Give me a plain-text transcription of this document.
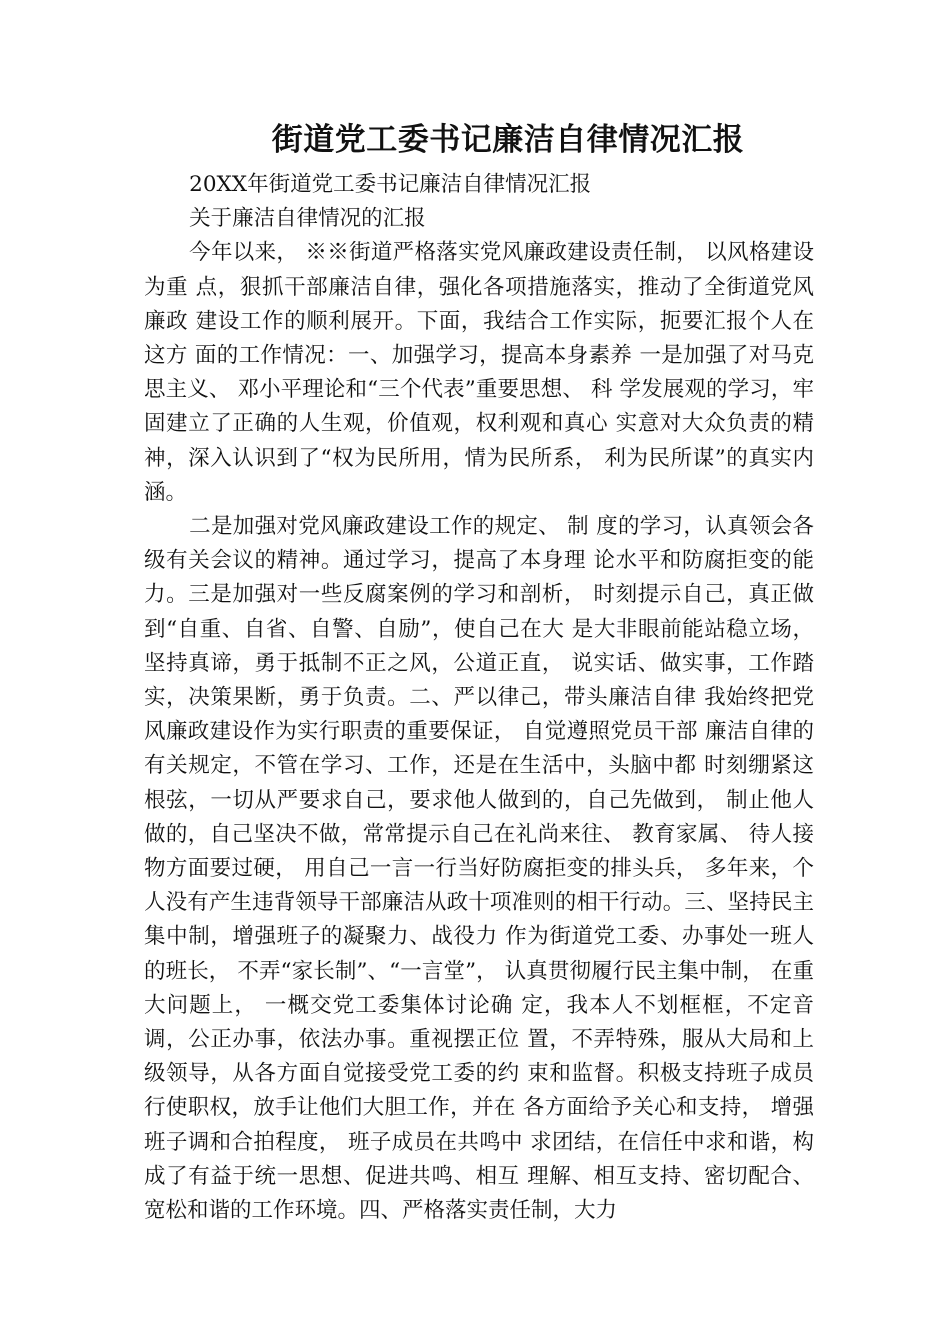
街道党工委书记廉洁自律情况汇报

20XX年街道党工委书记廉洁自律情况汇报

关于廉洁自律情况的汇报

今年以来， ※※街道严格落实党风廉政建设责任制， 以风格建设为重 点，狠抓干部廉洁自律，强化各项措施落实，推动了全街道党风廉政 建设工作的顺利展开。下面，我结合工作实际，扼要汇报个人在这方 面的工作情况：一、加强学习，提高本身素养 一是加强了对马克思主义、 邓小平理论和“三个代表”重要思想、 科 学发展观的学习，牢固建立了正确的人生观，价值观，权利观和真心 实意对大众负责的精神，深入认识到了“权为民所用，情为民所系， 利为民所谋”的真实内涵。

二是加强对党风廉政建设工作的规定、 制 度的学习，认真领会各级有关会议的精神。通过学习，提高了本身理 论水平和防腐拒变的能力。三是加强对一些反腐案例的学习和剖析， 时刻提示自己，真正做到“自重、自省、自警、自励”，使自己在大 是大非眼前能站稳立场，坚持真谛，勇于抵制不正之风，公道正直， 说实话、做实事，工作踏实，决策果断，勇于负责。二、严以律己，带头廉洁自律 我始终把党风廉政建设作为实行职责的重要保证， 自觉遵照党员干部 廉洁自律的有关规定，不管在学习、工作，还是在生活中，头脑中都 时刻绷紧这根弦，一切从严要求自己，要求他人做到的，自己先做到， 制止他人做的，自己坚决不做，常常提示自己在礼尚来往、 教育家属、 待人接物方面要过硬， 用自己一言一行当好防腐拒变的排头兵， 多年来，个人没有产生违背领导干部廉洁从政十项准则的相干行动。三、坚持民主集中制，增强班子的凝聚力、战役力 作为街道党工委、办事处一班人的班长， 不弄“家长制”、“一言堂”， 认真贯彻履行民主集中制， 在重大问题上， 一概交党工委集体讨论确 定，我本人不划框框，不定音调，公正办事，依法办事。重视摆正位 置，不弄特殊，服从大局和上级领导，从各方面自觉接受党工委的约 束和监督。积极支持班子成员行使职权，放手让他们大胆工作，并在 各方面给予关心和支持， 增强班子调和合拍程度， 班子成员在共鸣中 求团结，在信任中求和谐，构成了有益于统一思想、促进共鸣、相互 理解、相互支持、密切配合、宽松和谐的工作环境。四、严格落实责任制，大力
